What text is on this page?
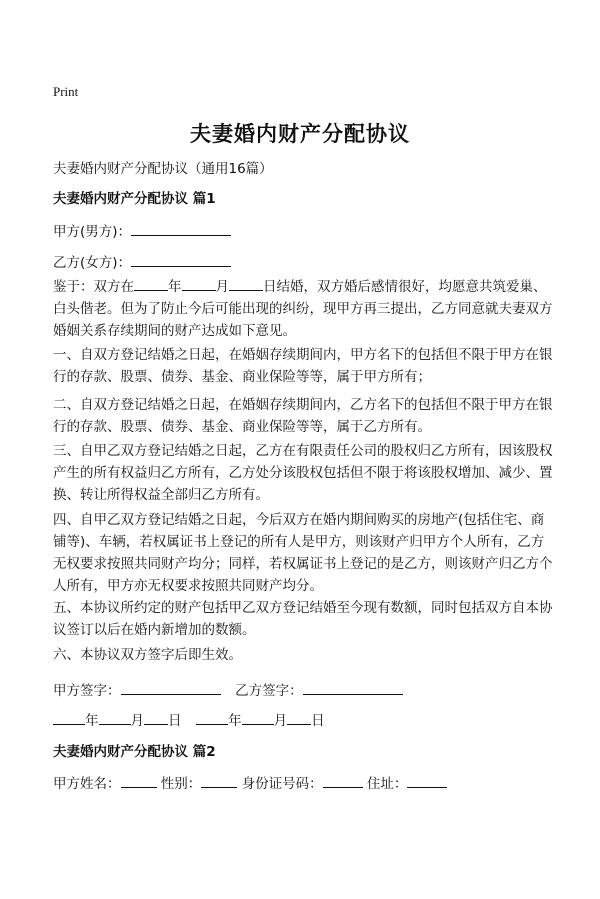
Print
夫妻婚内财产分配协议
夫妻婚内财产分配协议（通用16篇）
夫妻婚内财产分配协议 篇1
甲方(男方)：
乙方(女方)：
鉴于：双方在	年	月	日结婚，双方婚后感情很好，均愿意共筑爱巢、白头偕老。但为了防止今后可能出现的纠纷，现甲方再三提出，乙方同意就夫妻双方婚姻关系存续期间的财产达成如下意见。
一、自双方登记结婚之日起，在婚姻存续期间内，甲方名下的包括但不限于甲方在银行的存款、股票、债券、基金、商业保险等等，属于甲方所有；
二、自双方登记结婚之日起，在婚姻存续期间内，乙方名下的包括但不限于甲方在银行的存款、股票、债券、基金、商业保险等等，属于乙方所有。
三、自甲乙双方登记结婚之日起，乙方在有限责任公司的股权归乙方所有，因该股权产生的所有权益归乙方所有，乙方处分该股权包括但不限于将该股权增加、减少、置换、转让所得权益全部归乙方所有。
四、自甲乙双方登记结婚之日起，今后双方在婚内期间购买的房地产(包括住宅、商铺等)、车辆，若权属证书上登记的所有人是甲方，则该财产归甲方个人所有，乙方无权要求按照共同财产均分；同样，若权属证书上登记的是乙方，则该财产归乙方个人所有，甲方亦无权要求按照共同财产均分。
五、本协议所约定的财产包括甲乙双方登记结婚至今现有数额，同时包括双方自本协议签订以后在婚内新增加的数额。
六、本协议双方签字后即生效。
甲方签字：	乙方签字：
年 月 日	年 月 日
夫妻婚内财产分配协议 篇2
甲方姓名：	性别：	身份证号码：	住址：
